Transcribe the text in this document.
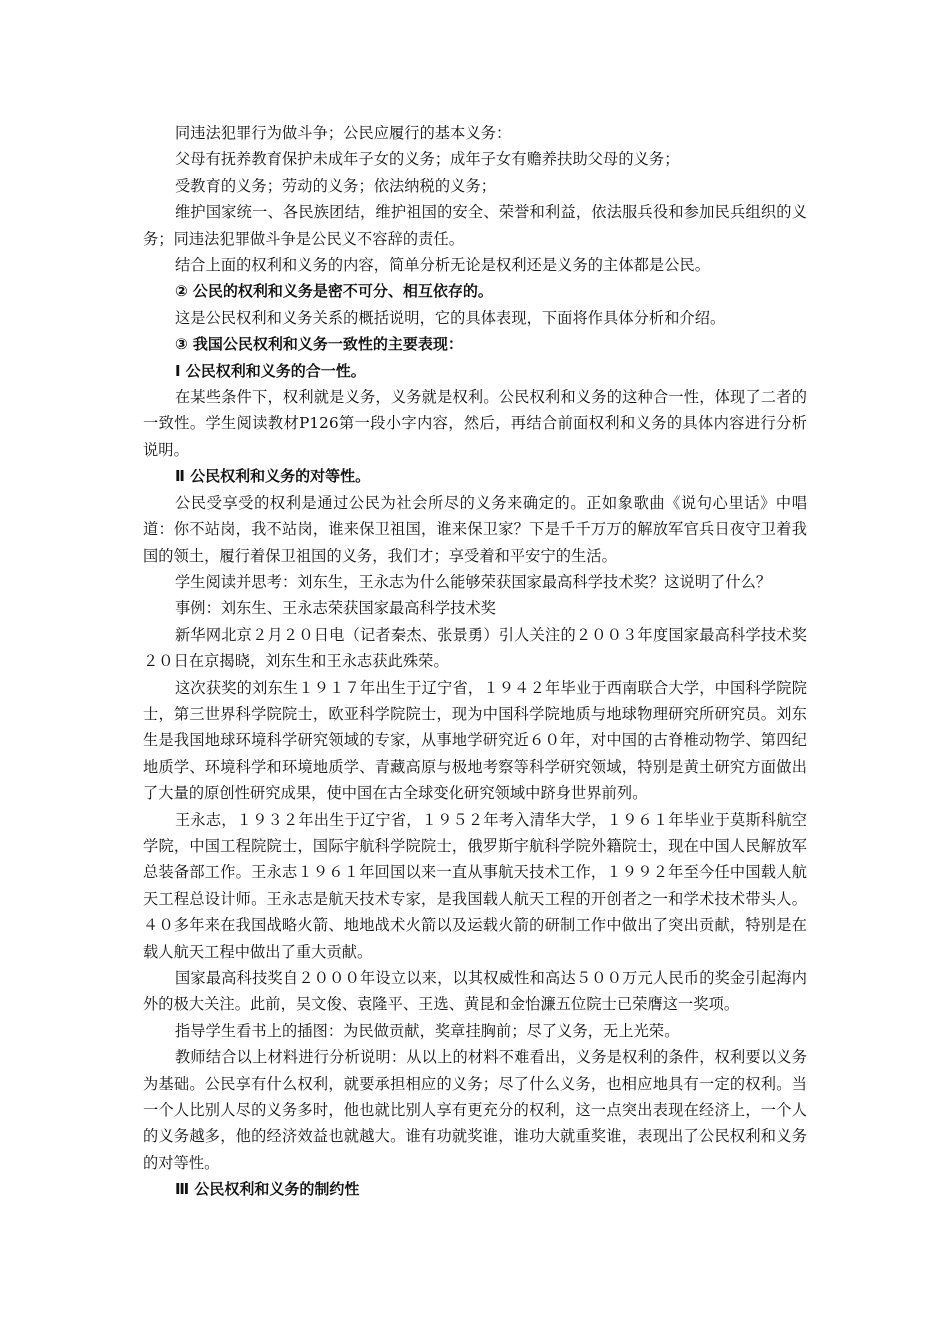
同违法犯罪行为做斗争；公民应履行的基本义务：

父母有抚养教育保护未成年子女的义务；成年子女有赡养扶助父母的义务；

受教育的义务；劳动的义务；依法纳税的义务；

维护国家统一、各民族团结，维护祖国的安全、荣誉和利益，依法服兵役和参加民兵组织的义务；同违法犯罪做斗争是公民义不容辞的责任。

结合上面的权利和义务的内容，简单分析无论是权利还是义务的主体都是公民。

② 公民的权利和义务是密不可分、相互依存的。

这是公民权利和义务关系的概括说明，它的具体表现，下面将作具体分析和介绍。

③ 我国公民权利和义务一致性的主要表现：

Ⅰ 公民权利和义务的合一性。

在某些条件下，权利就是义务，义务就是权利。公民权利和义务的这种合一性，体现了二者的一致性。学生阅读教材P126第一段小字内容，然后，再结合前面权利和义务的具体内容进行分析说明。

Ⅱ 公民权利和义务的对等性。

公民受享受的权利是通过公民为社会所尽的义务来确定的。正如象歌曲《说句心里话》中唱道：你不站岗，我不站岗，谁来保卫祖国，谁来保卫家？下是千千万万的解放军官兵日夜守卫着我国的领土，履行着保卫祖国的义务，我们才；享受着和平安宁的生活。

学生阅读并思考：刘东生，王永志为什么能够荣获国家最高科学技术奖？这说明了什么？

事例：刘东生、王永志荣获国家最高科学技术奖

新华网北京２月２０日电（记者秦杰、张景勇）引人关注的２００３年度国家最高科学技术奖２０日在京揭晓，刘东生和王永志获此殊荣。

这次获奖的刘东生１９１７年出生于辽宁省，１９４２年毕业于西南联合大学，中国科学院院士，第三世界科学院院士，欧亚科学院院士，现为中国科学院地质与地球物理研究所研究员。刘东生是我国地球环境科学研究领域的专家，从事地学研究近６０年，对中国的古脊椎动物学、第四纪地质学、环境科学和环境地质学、青藏高原与极地考察等科学研究领域，特别是黄土研究方面做出了大量的原创性研究成果，使中国在古全球变化研究领域中跻身世界前列。

王永志，１９３２年出生于辽宁省，１９５２年考入清华大学，１９６１年毕业于莫斯科航空学院，中国工程院院士，国际宇航科学院院士，俄罗斯宇航科学院外籍院士，现在中国人民解放军总装备部工作。王永志１９６１年回国以来一直从事航天技术工作，１９９２年至今任中国载人航天工程总设计师。王永志是航天技术专家，是我国载人航天工程的开创者之一和学术技术带头人。４０多年来在我国战略火箭、地地战术火箭以及运载火箭的研制工作中做出了突出贡献，特别是在载人航天工程中做出了重大贡献。

国家最高科技奖自２０００年设立以来，以其权威性和高达５００万元人民币的奖金引起海内外的极大关注。此前，吴文俊、袁隆平、王选、黄昆和金怡濂五位院士已荣膺这一奖项。

指导学生看书上的插图：为民做贡献，奖章挂胸前；尽了义务，无上光荣。

教师结合以上材料进行分析说明：从以上的材料不难看出，义务是权利的条件，权利要以义务为基础。公民享有什么权利，就要承担相应的义务；尽了什么义务，也相应地具有一定的权利。当一个人比别人尽的义务多时，他也就比别人享有更充分的权利，这一点突出表现在经济上，一个人的义务越多，他的经济效益也就越大。谁有功就奖谁，谁功大就重奖谁，表现出了公民权利和义务的对等性。

Ⅲ 公民权利和义务的制约性
